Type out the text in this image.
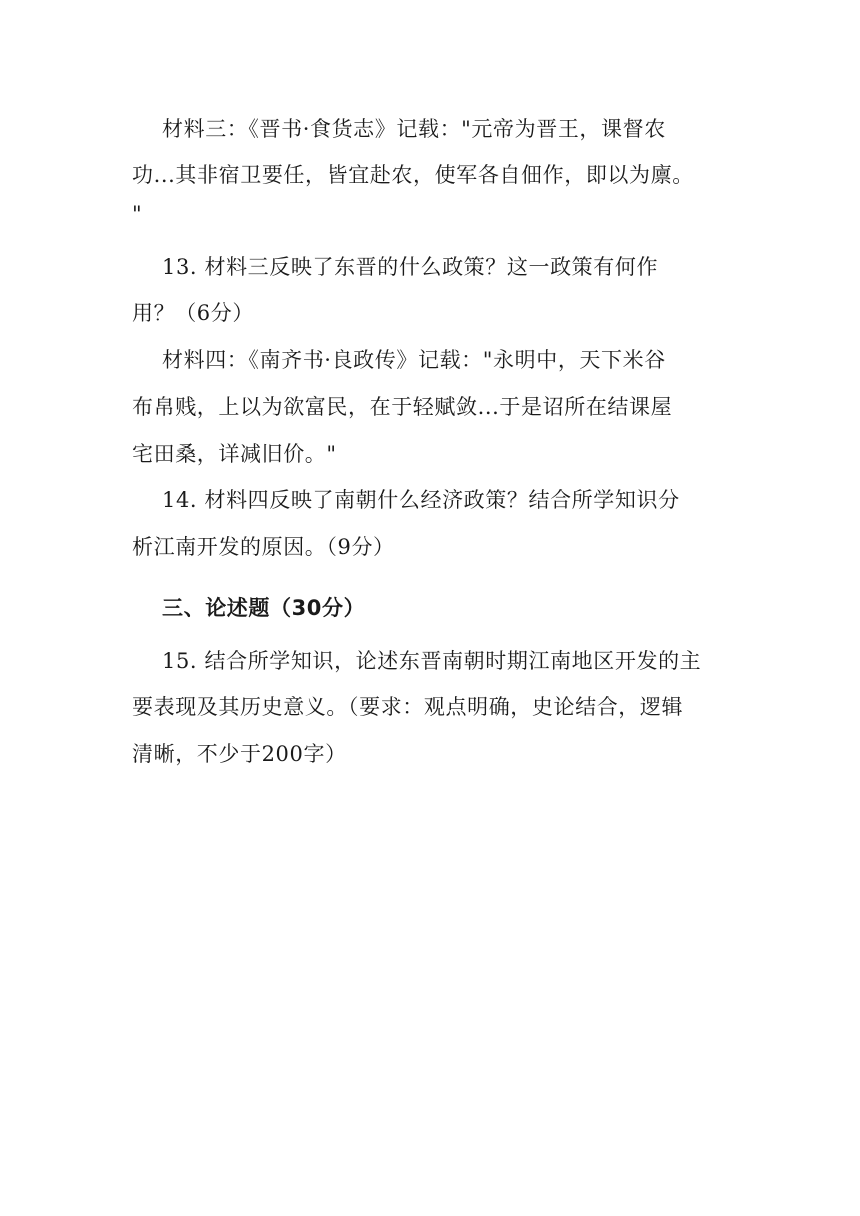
材料三：《晋书·食货志》记载："元帝为晋王，课督农
功...其非宿卫要任，皆宜赴农，使军各自佃作，即以为廪。
"
13. 材料三反映了东晋的什么政策？这一政策有何作
用？（6分）
材料四：《南齐书·良政传》记载："永明中，天下米谷
布帛贱，上以为欲富民，在于轻赋敛...于是诏所在结课屋
宅田桑，详减旧价。"
14. 材料四反映了南朝什么经济政策？结合所学知识分
析江南开发的原因。（9分）
三、论述题（30分）
15. 结合所学知识，论述东晋南朝时期江南地区开发的主
要表现及其历史意义。（要求：观点明确，史论结合，逻辑
清晰，不少于200字）
